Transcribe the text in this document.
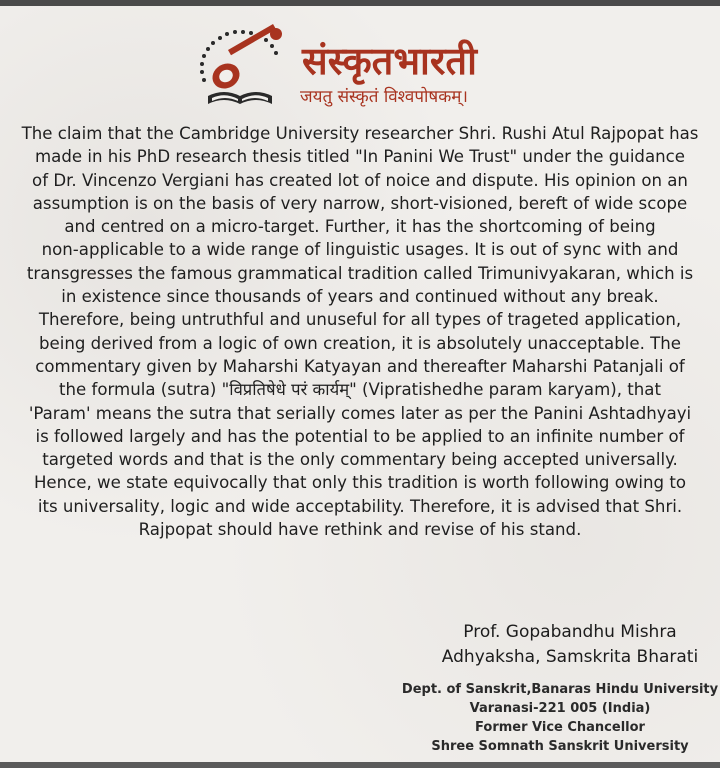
संस्कृतभारती
जयतु संस्कृतं विश्वपोषकम्।

The claim that the Cambridge University researcher Shri. Rushi Atul Rajpopat has
made in his PhD research thesis titled "In Panini We Trust" under the guidance
of Dr. Vincenzo Vergiani has created lot of noice and dispute. His opinion on an
assumption is on the basis of very narrow, short-visioned, bereft of wide scope
and centred on a micro-target. Further, it has the shortcoming of being
non-applicable to a wide range of linguistic usages. It is out of sync with and
transgresses the famous grammatical tradition called Trimunivyakaran, which is
in existence since thousands of years and continued without any break.
Therefore, being untruthful and unuseful for all types of trageted application,
being derived from a logic of own creation, it is absolutely unacceptable. The
commentary given by Maharshi Katyayan and thereafter Maharshi Patanjali of
the formula (sutra) "विप्रतिषेधे परं कार्यम्" (Vipratishedhe param karyam), that
'Param' means the sutra that serially comes later as per the Panini Ashtadhyayi
is followed largely and has the potential to be applied to an infinite number of
targeted words and that is the only commentary being accepted universally.
Hence, we state equivocally that only this tradition is worth following owing to
its universality, logic and wide acceptability. Therefore, it is advised that Shri.
Rajpopat should have rethink and revise of his stand.

Prof. Gopabandhu Mishra
Adhyaksha, Samskrita Bharati
Dept. of Sanskrit,Banaras Hindu University
Varanasi-221 005 (India)
Former Vice Chancellor
Shree Somnath Sanskrit University
